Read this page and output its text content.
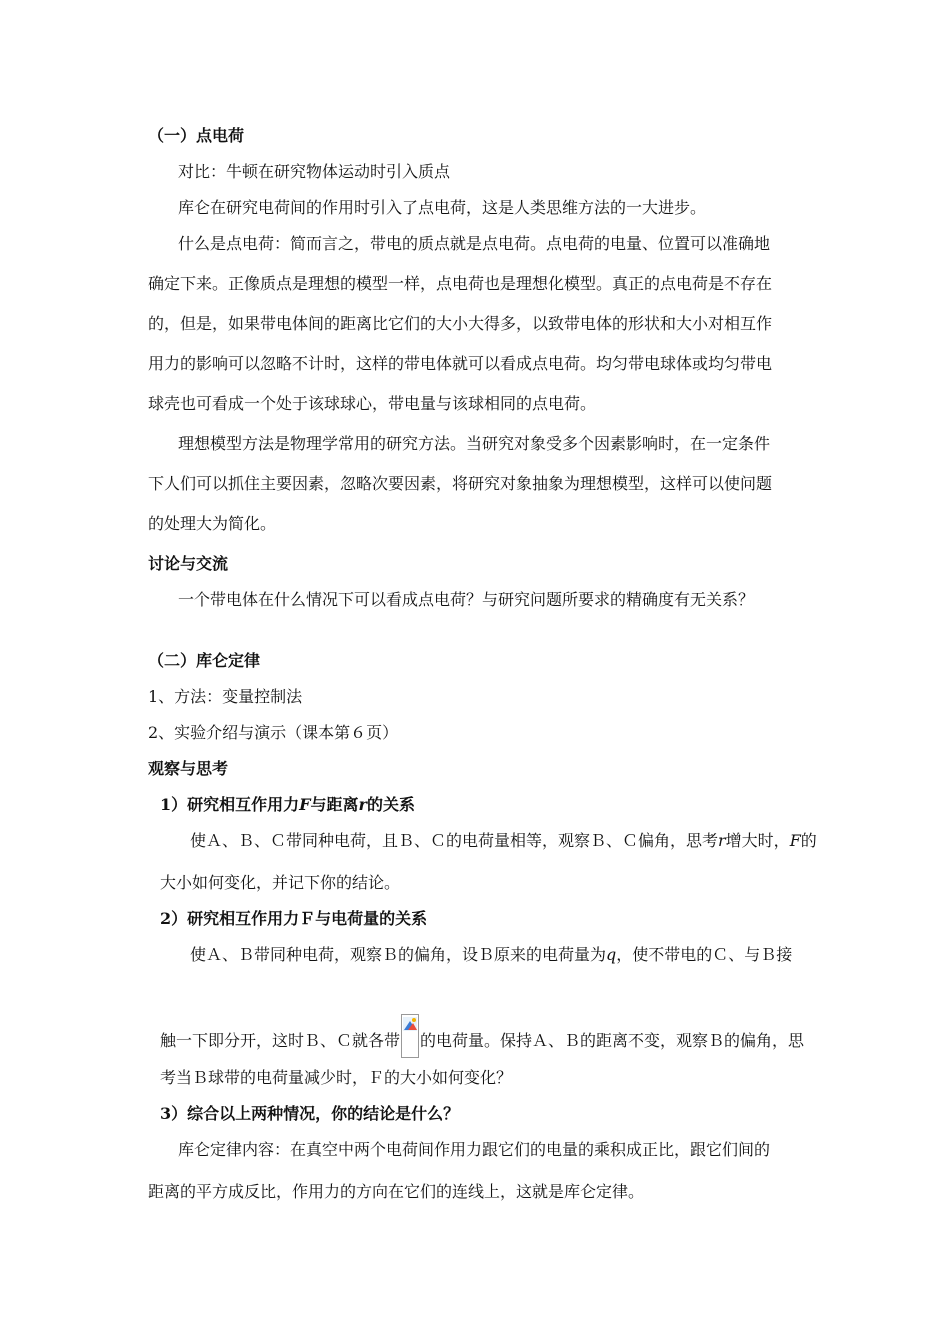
（一）点电荷
对比：牛顿在研究物体运动时引入质点
库仑在研究电荷间的作用时引入了点电荷，这是人类思维方法的一大进步。
什么是点电荷：简而言之，带电的质点就是点电荷。点电荷的电量、位置可以准确地
确定下来。正像质点是理想的模型一样，点电荷也是理想化模型。真正的点电荷是不存在
的，但是，如果带电体间的距离比它们的大小大得多，以致带电体的形状和大小对相互作
用力的影响可以忽略不计时，这样的带电体就可以看成点电荷。均匀带电球体或均匀带电
球壳也可看成一个处于该球球心，带电量与该球相同的点电荷。
理想模型方法是物理学常用的研究方法。当研究对象受多个因素影响时，在一定条件
下人们可以抓住主要因素，忽略次要因素，将研究对象抽象为理想模型，这样可以使问题
的处理大为简化。
讨论与交流
一个带电体在什么情况下可以看成点电荷？与研究问题所要求的精确度有无关系？
（二）库仑定律
1、方法：变量控制法
2、实验介绍与演示（课本第６页）
观察与思考
1）研究相互作用力F与距离r的关系
使Ａ、Ｂ、Ｃ带同种电荷，且Ｂ、Ｃ的电荷量相等，观察Ｂ、Ｃ偏角，思考r增大时，F的
大小如何变化，并记下你的结论。
2）研究相互作用力Ｆ与电荷量的关系
使Ａ、Ｂ带同种电荷，观察Ｂ的偏角，设Ｂ原来的电荷量为q，使不带电的Ｃ、与Ｂ接
触一下即分开，这时Ｂ、Ｃ就各带 的电荷量。保持Ａ、Ｂ的距离不变，观察Ｂ的偏角，思
考当Ｂ球带的电荷量减少时，Ｆ的大小如何变化？
3）综合以上两种情况，你的结论是什么？
库仑定律内容：在真空中两个电荷间作用力跟它们的电量的乘积成正比，跟它们间的
距离的平方成反比，作用力的方向在它们的连线上，这就是库仑定律。
